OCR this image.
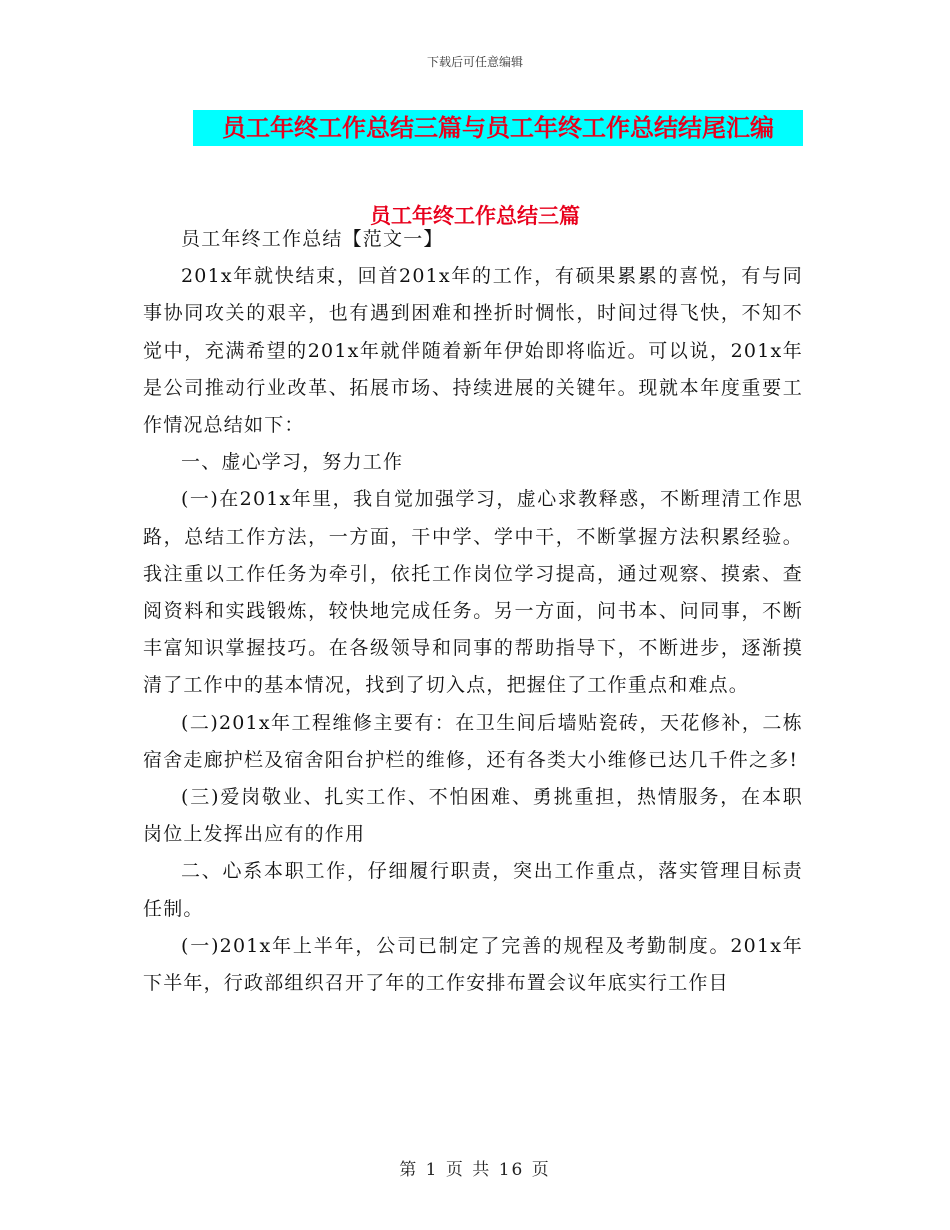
下载后可任意编辑
员工年终工作总结三篇与员工年终工作总结结尾汇编
员工年终工作总结三篇

员工年终工作总结【范文一】

201x年就快结束，回首201x年的工作，有硕果累累的喜悦，有与同事协同攻关的艰辛，也有遇到困难和挫折时惆怅，时间过得飞快，不知不觉中，充满希望的201x年就伴随着新年伊始即将临近。可以说，201x年是公司推动行业改革、拓展市场、持续进展的关键年。现就本年度重要工作情况总结如下：

一、虚心学习，努力工作

(一)在201x年里，我自觉加强学习，虚心求教释惑，不断理清工作思路，总结工作方法，一方面，干中学、学中干，不断掌握方法积累经验。我注重以工作任务为牵引，依托工作岗位学习提高，通过观察、摸索、查阅资料和实践锻炼，较快地完成任务。另一方面，问书本、问同事，不断丰富知识掌握技巧。在各级领导和同事的帮助指导下，不断进步，逐渐摸清了工作中的基本情况，找到了切入点，把握住了工作重点和难点。

(二)201x年工程维修主要有：在卫生间后墙贴瓷砖，天花修补，二栋宿舍走廊护栏及宿舍阳台护栏的维修，还有各类大小维修已达几千件之多!

(三)爱岗敬业、扎实工作、不怕困难、勇挑重担，热情服务，在本职岗位上发挥出应有的作用

二、心系本职工作，仔细履行职责，突出工作重点，落实管理目标责任制。

(一)201x年上半年，公司已制定了完善的规程及考勤制度。201x年下半年，行政部组织召开了年的工作安排布置会议年底实行工作目

第 1 页 共 16 页
